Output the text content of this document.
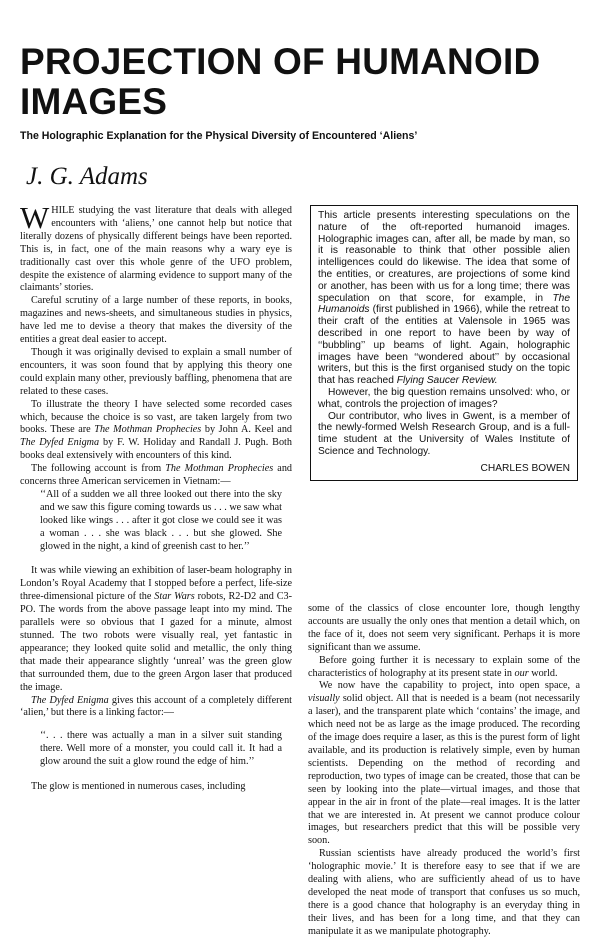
PROJECTION OF HUMANOID IMAGES
The Holographic Explanation for the Physical Diversity of Encountered ‘Aliens’
J. G. Adams

WHILE studying the vast literature that deals with alleged encounters with ‘aliens,’ one cannot help but notice that literally dozens of physically different beings have been reported. This is, in fact, one of the main reasons why a wary eye is traditionally cast over this whole genre of the UFO problem, despite the existence of alarming evidence to support many of the claimants’ stories.

Careful scrutiny of a large number of these reports, in books, magazines and news-sheets, and simultaneous studies in physics, have led me to devise a theory that makes the diversity of the entities a great deal easier to accept.

Though it was originally devised to explain a small number of encounters, it was soon found that by applying this theory one could explain many other, previously baffling, phenomena that are related to these cases.

To illustrate the theory I have selected some recorded cases which, because the choice is so vast, are taken largely from two books. These are The Mothman Prophecies by John A. Keel and The Dyfed Enigma by F. W. Holiday and Randall J. Pugh. Both books deal extensively with encounters of this kind.

The following account is from The Mothman Prophecies and concerns three American servicemen in Vietnam:—

‘‘All of a sudden we all three looked out there into the sky and we saw this figure coming towards us . . . we saw what looked like wings . . . after it got close we could see it was a woman . . . she was black . . . but she glowed. She glowed in the night, a kind of greenish cast to her.’’

It was while viewing an exhibition of laser-beam holography in London’s Royal Academy that I stopped before a perfect, life-size three-dimensional picture of the Star Wars robots, R2-D2 and C3-PO. The words from the above passage leapt into my mind. The parallels were so obvious that I gazed for a minute, almost stunned. The two robots were visually real, yet fantastic in appearance; they looked quite solid and metallic, the only thing that made their appearance slightly ‘unreal’ was the green glow that surrounded them, due to the green Argon laser that produced the image.

The Dyfed Enigma gives this account of a completely different ‘alien,’ but there is a linking factor:—

‘‘. . . there was actually a man in a silver suit standing there. Well more of a monster, you could call it. It had a glow around the suit a glow round the edge of him.’’

The glow is mentioned in numerous cases, including

This article presents interesting speculations on the nature of the oft-reported humanoid images. Holographic images can, after all, be made by man, so it is reasonable to think that other possible alien intelligences could do likewise. The idea that some of the entities, or creatures, are projections of some kind or another, has been with us for a long time; there was speculation on that score, for example, in The Humanoids (first published in 1966), while the retreat to their craft of the entities at Valensole in 1965 was described in one report to have been by way of ‘‘bubbling’’ up beams of light. Again, holographic images have been ‘‘wondered about’’ by occasional writers, but this is the first organised study on the topic that has reached Flying Saucer Review.

However, the big question remains unsolved: who, or what, controls the projection of images?

Our contributor, who lives in Gwent, is a member of the newly-formed Welsh Research Group, and is a full-time student at the University of Wales Institute of Science and Technology.

CHARLES BOWEN

some of the classics of close encounter lore, though lengthy accounts are usually the only ones that mention a detail which, on the face of it, does not seem very significant. Perhaps it is more significant than we assume.

Before going further it is necessary to explain some of the characteristics of holography at its present state in our world.

We now have the capability to project, into open space, a visually solid object. All that is needed is a beam (not necessarily a laser), and the transparent plate which ‘contains’ the image, and which need not be as large as the image produced. The recording of the image does require a laser, as this is the purest form of light available, and its production is relatively simple, even by human scientists. Depending on the method of recording and reproduction, two types of image can be created, those that can be seen by looking into the plate—virtual images, and those that appear in the air in front of the plate—real images. It is the latter that we are interested in. At present we cannot produce colour images, but researchers predict that this will be possible very soon.

Russian scientists have already produced the world’s first ‘holographic movie.’ It is therefore easy to see that if we are dealing with aliens, who are sufficiently ahead of us to have developed the neat mode of transport that confuses us so much, there is a good chance that holography is an everyday thing in their lives, and has been for a long time, and that they can manipulate it as we manipulate photography.
